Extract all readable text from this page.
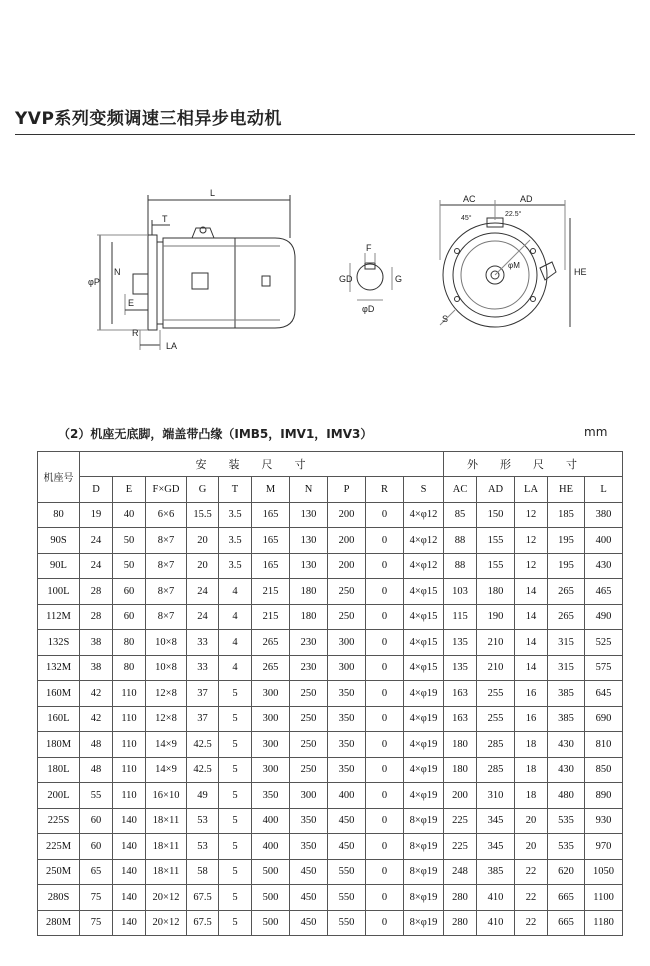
YVP系列变频调速三相异步电动机
L
T
φP
N
E
R
LA
F
GD	G
φD
AC	AD
45°
22.5°
φM
HE
S
（2）机座无底脚，端盖带凸缘（IMB5，IMV1，IMV3）	mm
机座号	安装尺寸										外形尺寸				
	D	E	F×GD	G	T	M	N	P	R	S	AC	AD	LA	HE	L
80	19	40	6×6	15.5	3.5	165	130	200	0	4×φ12	85	150	12	185	380
90S	24	50	8×7	20	3.5	165	130	200	0	4×φ12	88	155	12	195	400
90L	24	50	8×7	20	3.5	165	130	200	0	4×φ12	88	155	12	195	430
100L	28	60	8×7	24	4	215	180	250	0	4×φ15	103	180	14	265	465
112M	28	60	8×7	24	4	215	180	250	0	4×φ15	115	190	14	265	490
132S	38	80	10×8	33	4	265	230	300	0	4×φ15	135	210	14	315	525
132M	38	80	10×8	33	4	265	230	300	0	4×φ15	135	210	14	315	575
160M	42	110	12×8	37	5	300	250	350	0	4×φ19	163	255	16	385	645
160L	42	110	12×8	37	5	300	250	350	0	4×φ19	163	255	16	385	690
180M	48	110	14×9	42.5	5	300	250	350	0	4×φ19	180	285	18	430	810
180L	48	110	14×9	42.5	5	300	250	350	0	4×φ19	180	285	18	430	850
200L	55	110	16×10	49	5	350	300	400	0	4×φ19	200	310	18	480	890
225S	60	140	18×11	53	5	400	350	450	0	8×φ19	225	345	20	535	930
225M	60	140	18×11	53	5	400	350	450	0	8×φ19	225	345	20	535	970
250M	65	140	18×11	58	5	500	450	550	0	8×φ19	248	385	22	620	1050
280S	75	140	20×12	67.5	5	500	450	550	0	8×φ19	280	410	22	665	1100
280M	75	140	20×12	67.5	5	500	450	550	0	8×φ19	280	410	22	665	1180
